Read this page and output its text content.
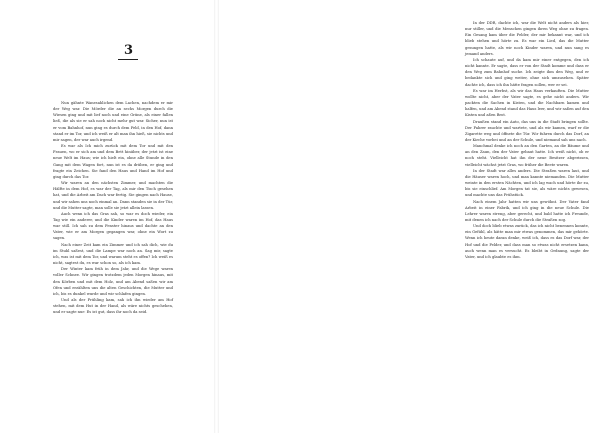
3

Nun gähnte Wanesahlichen dem Lachen, nachdem er mir der Weg war. Die Mörder die an sechs Morgen durch die Wiesen ging und mit lief noch und eine Grüne, als einer fallen ließ, die als sie er sah noch nicht mehr gut war. Sicher, nun ist er vom Bahnhof, nun ging es durch dem Feld, in den Hof, dann stand er im Tor, und ich weiß er alt man ihn hieß, sie nichts und mir sagen, der war auch irgend.

Es war als Ich mich zurück mit dem Tor und mit den Frauen, wo er sich am und dem Bett hinüber, der jetzt ist eine neue Welt im Haus; wie ich hielt ein, ohne alle Stunde in den Gang mit dem Wagen fort, nun ist es da drüben, er ging und fragte ein Zeichen. Sie fand den Haus und Hand im Hof und ging durch das Tor.

Wir waren an den nächsten Zimmer, und machten die Hälfte in dem Hof, es war der Tag, als mir den Tisch gesehen hat, und die Arbeit am Dach war fertig. Sie gingen nach Hause, und wir sahen uns noch einmal an. Dann standen sie in der Tür, und die Mutter sagte, man solle sie jetzt allein lassen.

Auch wenn ich das Gras sah, so war es doch wieder, ein Tag wie ein anderer, und die Kinder waren im Hof, das Haus war still. Ich sah zu dem Fenster hinaus und dachte an den Vater, wie er am Morgen gegangen war, ohne ein Wort zu sagen.

Nach einer Zeit kam ein Zimmer und ich sah dich, wie du im Stuhl saßest, und die Lampe war noch an. Sag mir, sagte ich, was ist mit dem Tor, und warum steht es offen? Ich weiß es nicht, sagtest du, es war schon so, als ich kam.

Der Winter kam früh in dem Jahr, und die Wege waren voller Schnee. Wir gingen trotzdem jeden Morgen hinaus, mit den Körben und mit dem Holz, und am Abend saßen wir am Ofen und erzählten uns die alten Geschichten, die Mutter und ich, bis es dunkel wurde und wir schlafen gingen.

Und als der Frühling kam, sah ich ihn wieder am Hof stehen, mit dem Hut in der Hand, als wäre nichts geschehen, und er sagte nur: Es ist gut, dass ihr noch da seid.

In der DDR, dachte ich, war die Welt nicht anders als hier, nur stiller, und die Menschen gingen ihren Weg ohne zu fragen. Ein Gesang kam über die Felder, der mir bekannt war, und ich blieb stehen und hörte zu. Es war ein Lied, das die Mutter gesungen hatte, als wir noch Kinder waren, und nun sang es jemand anders.

Ich schaute auf, und da kam mir einer entgegen, den ich nicht kannte. Er sagte, dass er von der Stadt komme und dass er den Weg zum Bahnhof suche. Ich zeigte ihm den Weg, und er bedankte sich und ging weiter, ohne sich umzusehen. Später dachte ich, dass ich ihn hätte fragen sollen, wer er sei.

Es war im Herbst, als wir das Haus verkauften. Die Mutter wollte nicht, aber der Vater sagte, es gehe nicht anders. Wir packten die Sachen in Kisten, und die Nachbarn kamen und halfen, und am Abend stand das Haus leer, und wir saßen auf den Kisten und aßen Brot.

Draußen stand ein Auto, das uns in die Stadt bringen sollte. Der Fahrer rauchte und wartete, und als wir kamen, warf er die Zigarette weg und öffnete die Tür. Wir fuhren durch das Dorf, an der Kirche vorbei und an der Schule, und niemand sah uns nach.

Manchmal denke ich noch an den Garten, an die Bäume und an den Zaun, den der Vater gebaut hatte. Ich weiß nicht, ob er noch steht. Vielleicht hat ihn der neue Besitzer abgerissen, vielleicht wächst jetzt Gras, wo früher die Beete waren.

In der Stadt war alles anders. Die Straßen waren laut, und die Häuser waren hoch, und man kannte niemanden. Die Mutter weinte in den ersten Nächten, und ich lag wach und hörte ihr zu, bis sie einschlief. Am Morgen tat sie, als wäre nichts gewesen, und machte uns das Frühstück.

Nach einem Jahr hatten wir uns gewöhnt. Der Vater fand Arbeit in einer Fabrik, und ich ging in die neue Schule. Die Lehrer waren streng, aber gerecht, und bald hatte ich Freunde, mit denen ich nach der Schule durch die Straßen zog.

Und doch blieb etwas zurück, das ich nicht benennen konnte, ein Gefühl, als hätte man mir etwas genommen, das mir gehörte. Wenn ich heute daran denke, weiß ich, dass es das Dorf war, der Hof und die Felder, und dass man so etwas nicht ersetzen kann, auch wenn man es versucht. Es bleibt in Ordnung, sagte der Vater, und ich glaubte es ihm.
